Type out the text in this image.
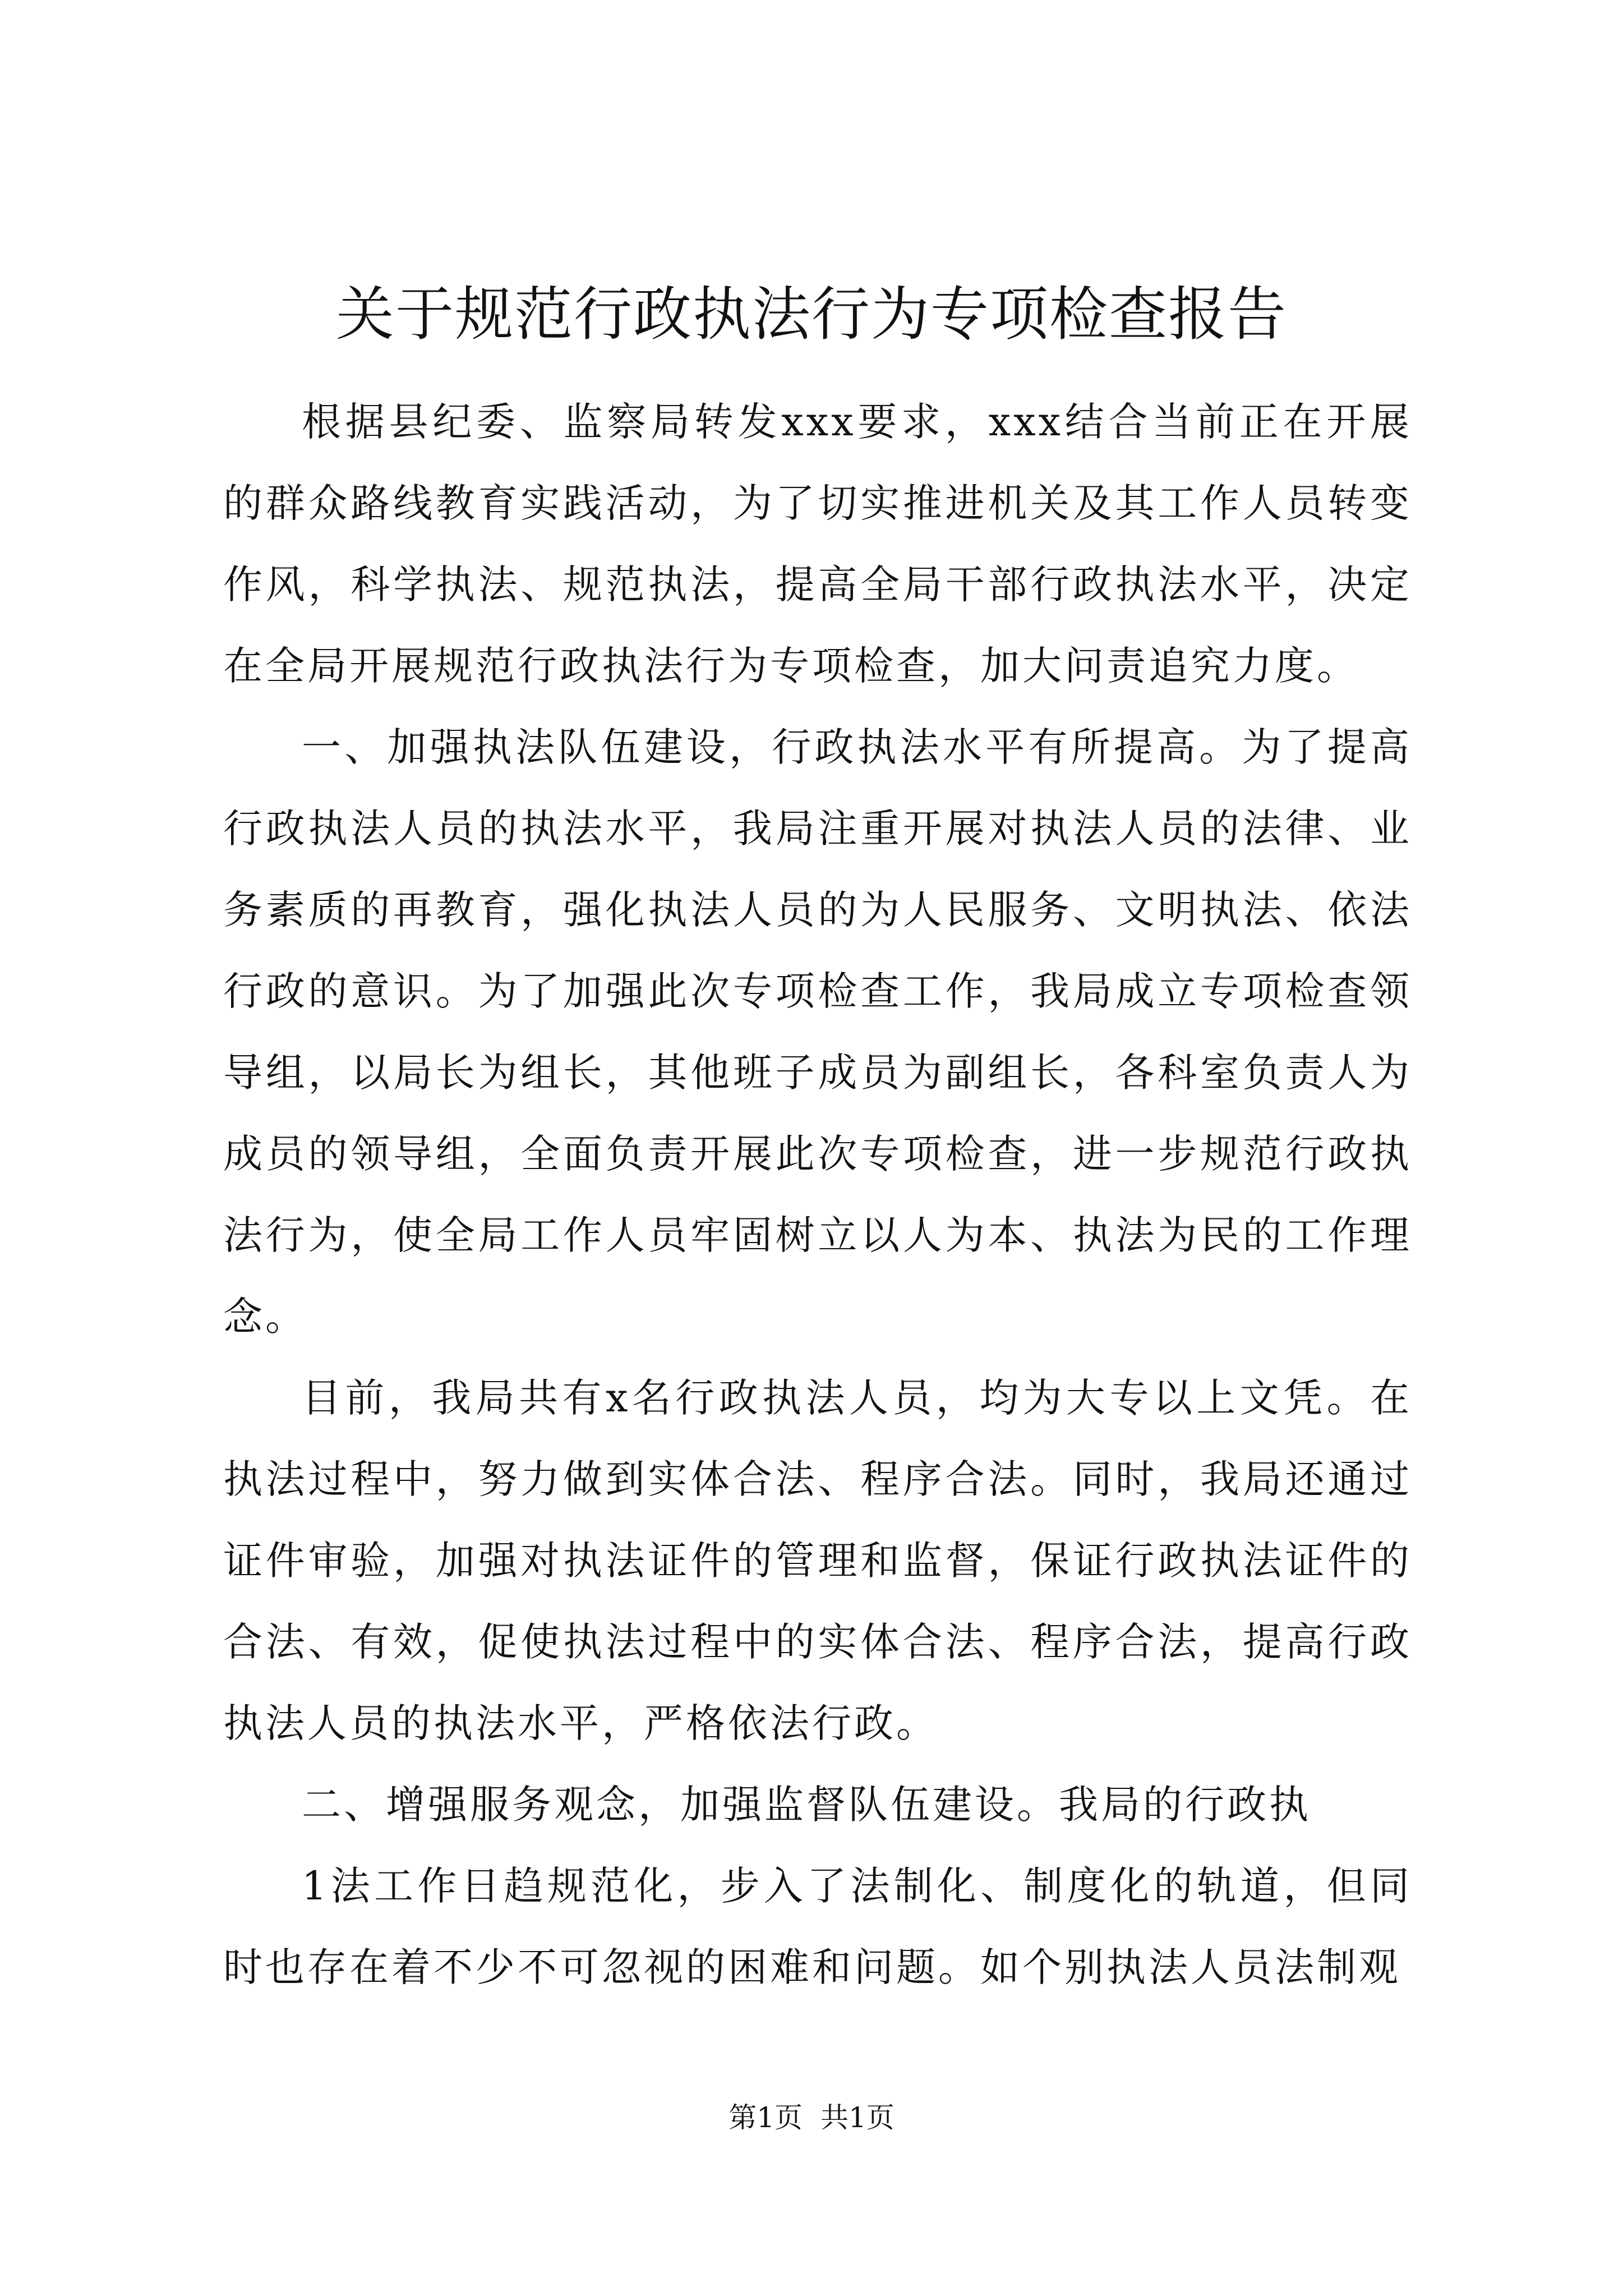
关于规范行政执法行为专项检查报告

根据县纪委、监察局转发xxx要求，xxx结合当前正在开展的群众路线教育实践活动，为了切实推进机关及其工作人员转变作风，科学执法、规范执法，提高全局干部行政执法水平，决定在全局开展规范行政执法行为专项检查，加大问责追究力度。

一、加强执法队伍建设，行政执法水平有所提高。为了提高行政执法人员的执法水平，我局注重开展对执法人员的法律、业务素质的再教育，强化执法人员的为人民服务、文明执法、依法行政的意识。为了加强此次专项检查工作，我局成立专项检查领导组，以局长为组长，其他班子成员为副组长，各科室负责人为成员的领导组，全面负责开展此次专项检查，进一步规范行政执法行为，使全局工作人员牢固树立以人为本、执法为民的工作理念。

目前，我局共有x名行政执法人员，均为大专以上文凭。在执法过程中，努力做到实体合法、程序合法。同时，我局还通过证件审验，加强对执法证件的管理和监督，保证行政执法证件的合法、有效，促使执法过程中的实体合法、程序合法，提高行政执法人员的执法水平，严格依法行政。

二、增强服务观念，加强监督队伍建设。我局的行政执

1法工作日趋规范化，步入了法制化、制度化的轨道，但同时也存在着不少不可忽视的困难和问题。如个别执法人员法制观

第1页 共1页
